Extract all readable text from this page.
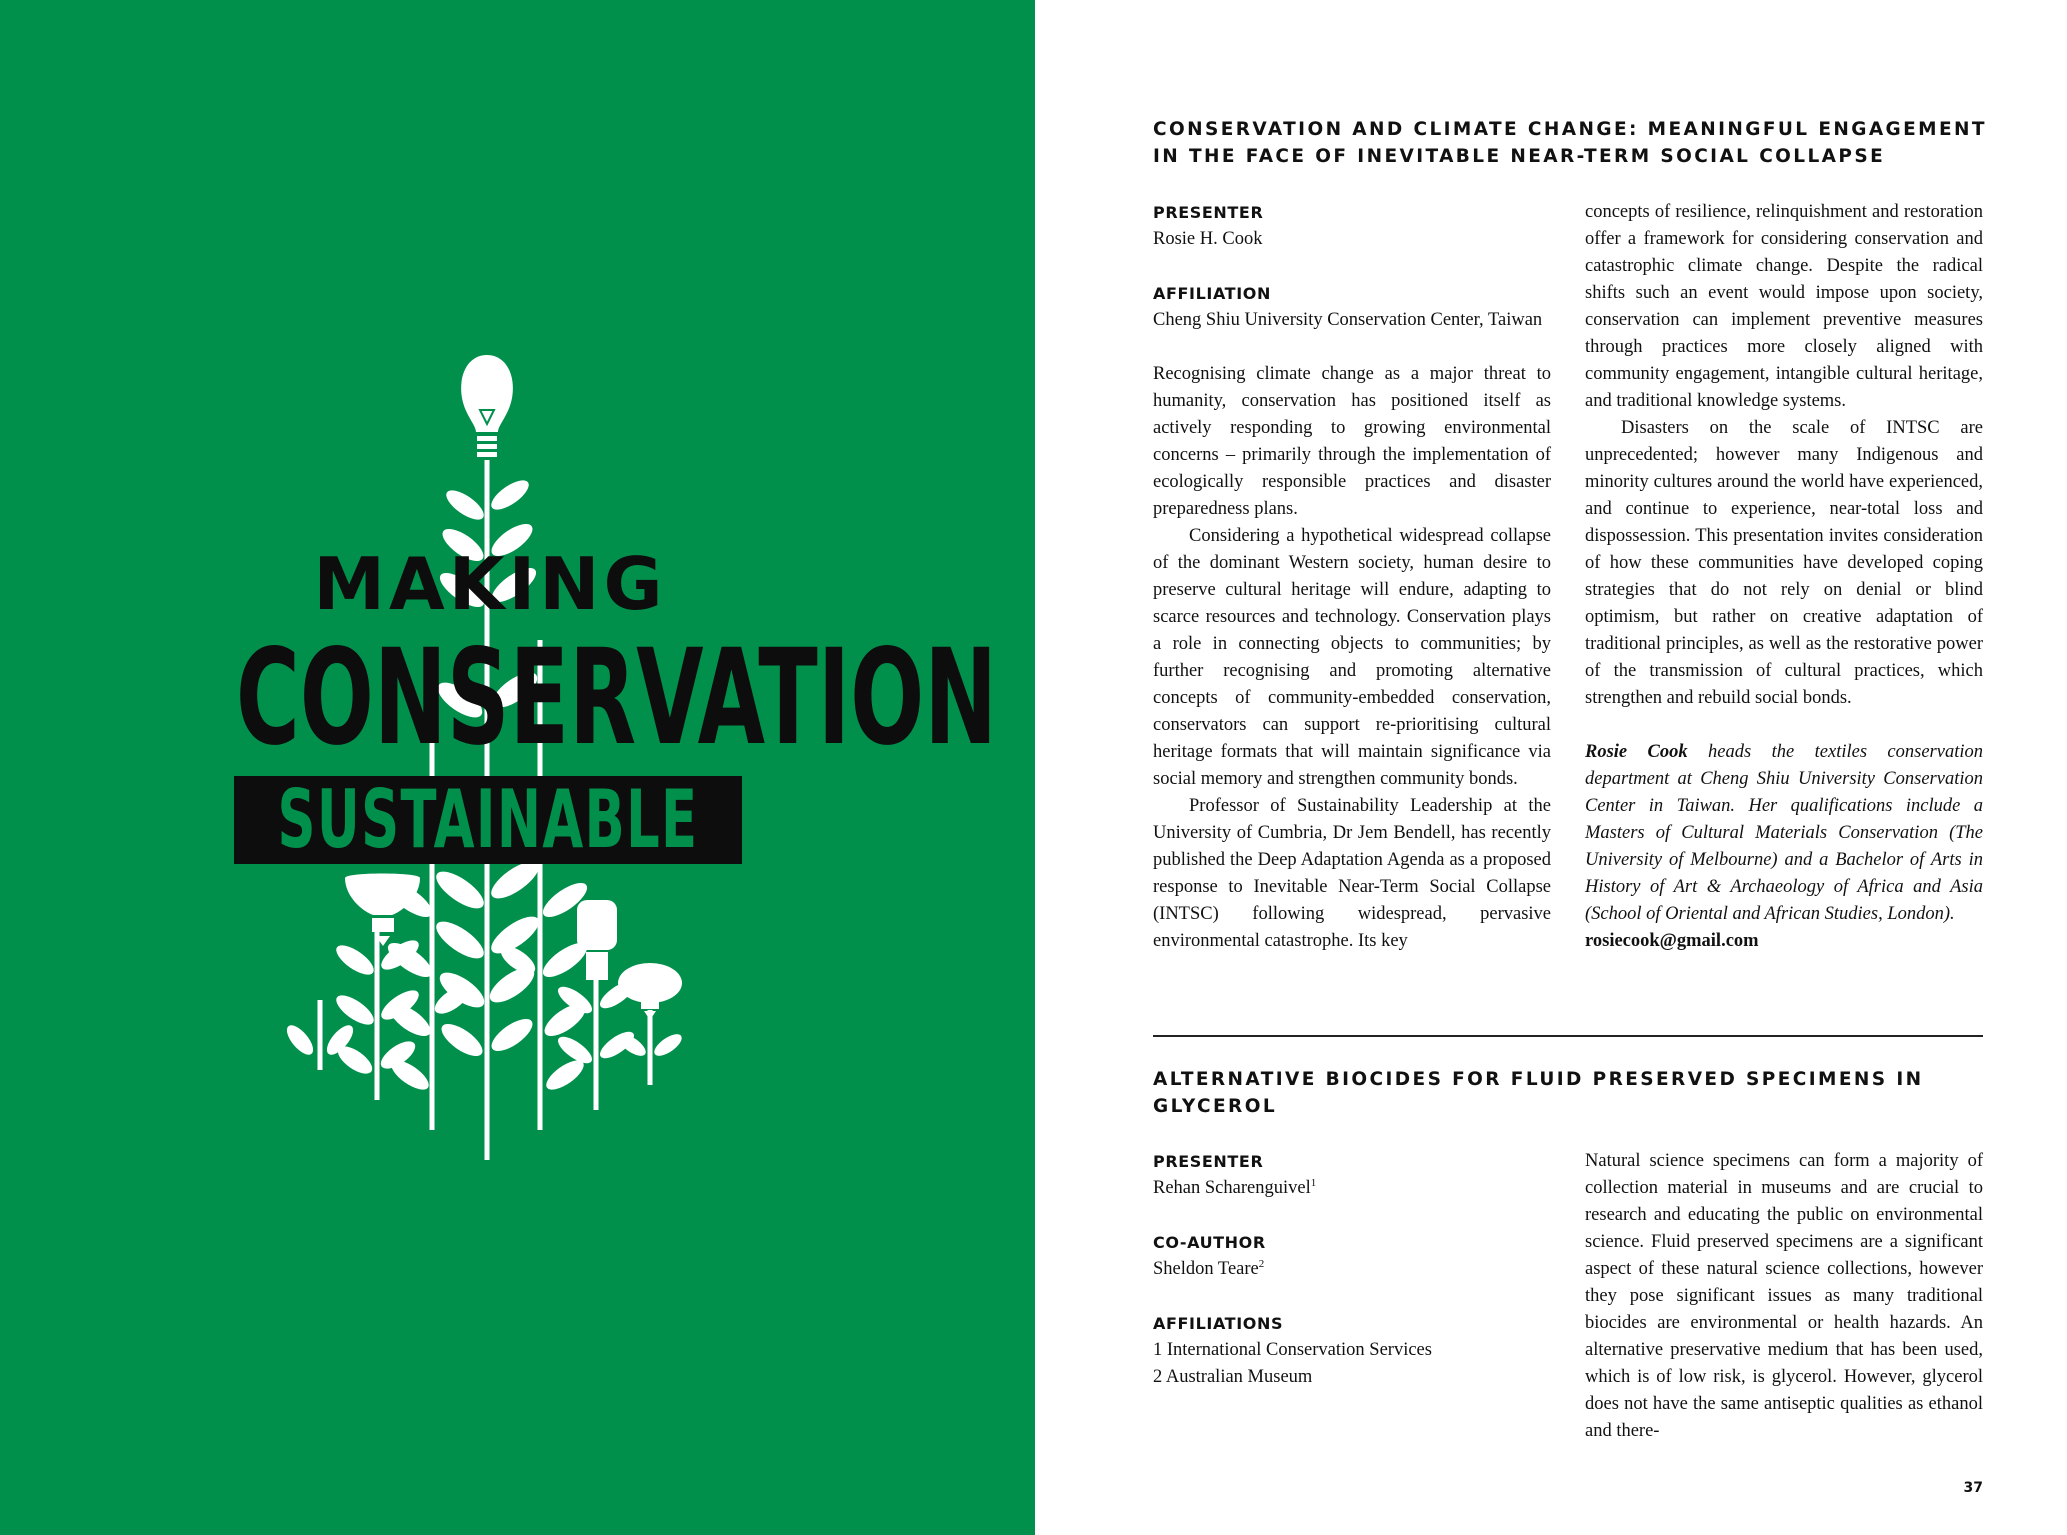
MAKING
CONSERVATION
SUSTAINABLE
CONSERVATION AND CLIMATE CHANGE: MEANINGFUL ENGAGEMENT
IN THE FACE OF INEVITABLE NEAR-TERM SOCIAL COLLAPSE
PRESENTER
Rosie H. Cook
AFFILIATION

Cheng Shiu University Conservation Center, Taiwan

Recognising climate change as a major threat to humanity, conservation has positioned itself as actively responding to growing environmental concerns – primarily through the implementation of ecologically responsible practices and disaster preparedness plans.

Considering a hypothetical widespread collapse of the dominant Western society, human desire to preserve cultural heritage will endure, adapting to scarce resources and technology. Conservation plays a role in connecting objects to communities; by further recognising and promoting alternative concepts of community-embedded conservation, conservators can support re-prioritising cultural heritage formats that will maintain significance via social memory and strengthen community bonds.

Professor of Sustainability Leadership at the University of Cumbria, Dr Jem Bendell, has recently published the Deep Adaptation Agenda as a proposed response to Inevitable Near-Term Social Collapse (INTSC) following widespread, pervasive environmental catastrophe. Its key

concepts of resilience, relinquishment and restoration offer a framework for considering conservation and catastrophic climate change. Despite the radical shifts such an event would impose upon society, conservation can implement preventive measures through practices more closely aligned with community engagement, intangible cultural heritage, and traditional knowledge systems.

Disasters on the scale of INTSC are unprecedented; however many Indigenous and minority cultures around the world have experienced, and continue to experience, near-total loss and dispossession. This presentation invites consideration of how these communities have developed coping strategies that do not rely on denial or blind optimism, but rather on creative adaptation of traditional principles, as well as the restorative power of the transmission of cultural practices, which strengthen and rebuild social bonds.

Rosie Cook heads the textiles conservation department at Cheng Shiu University Conservation Center in Taiwan. Her qualifications include a Masters of Cultural Materials Conservation (The University of Melbourne) and a Bachelor of Arts in History of Art & Archaeology of Africa and Asia (School of Oriental and African Studies, London).

rosiecook@gmail.com
ALTERNATIVE BIOCIDES FOR FLUID PRESERVED SPECIMENS IN
GLYCEROL
PRESENTER
Rehan Scharenguivel$^1$
CO-AUTHOR
Sheldon Teare$^2$
AFFILIATIONS
1 International Conservation Services
2 Australian Museum

Natural science specimens can form a majority of collection material in museums and are crucial to research and educating the public on environmental science. Fluid preserved specimens are a significant aspect of these natural science collections, however they pose significant issues as many traditional biocides are environmental or health hazards. An alternative preservative medium that has been used, which is of low risk, is glycerol. However, glycerol does not have the same antiseptic qualities as ethanol and there-

37
